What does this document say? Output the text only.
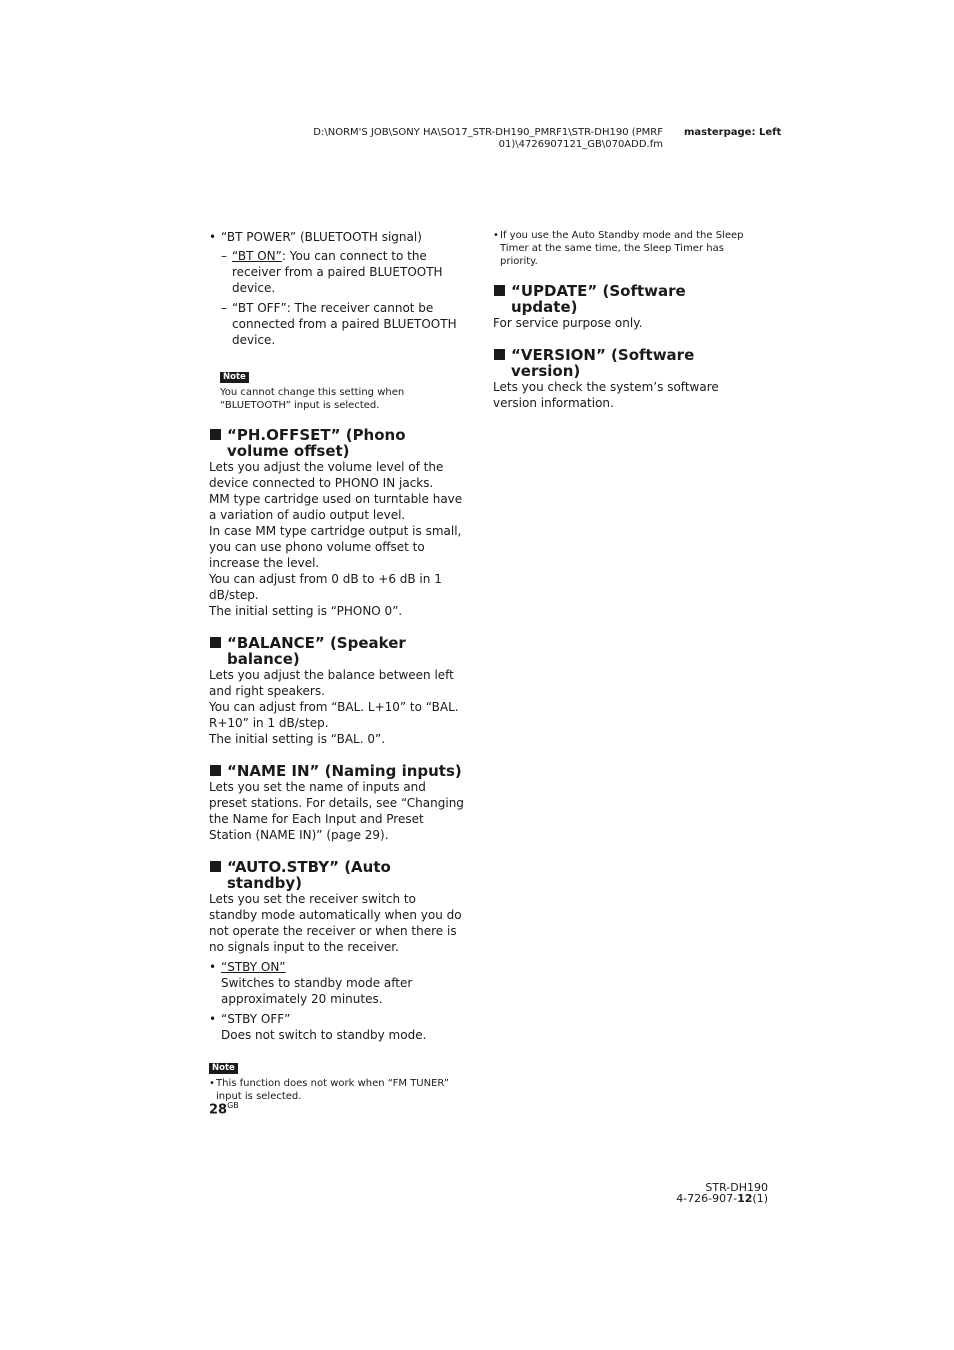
D:\NORM'S JOB\SONY HA\SO17_STR-DH190_PMRF1\STR-DH190 (PMRF
01)\4726907121_GB\070ADD.fm
masterpage: Left

• “BT POWER” (BLUETOOTH signal)

– “BT ON”: You can connect to the receiver from a paired BLUETOOTH device.

– “BT OFF”: The receiver cannot be connected from a paired BLUETOOTH device.

Note

You cannot change this setting when “BLUETOOTH” input is selected.

“PH.OFFSET” (Phono volume offset)

Lets you adjust the volume level of the device connected to PHONO IN jacks.

MM type cartridge used on turntable have a variation of audio output level.

In case MM type cartridge output is small, you can use phono volume offset to increase the level.

You can adjust from 0 dB to +6 dB in 1 dB/step.

The initial setting is “PHONO 0”.

“BALANCE” (Speaker balance)

Lets you adjust the balance between left and right speakers.

You can adjust from “BAL. L+10” to “BAL. R+10” in 1 dB/step.

The initial setting is “BAL. 0”.

“NAME IN” (Naming inputs)

Lets you set the name of inputs and preset stations. For details, see “Changing the Name for Each Input and Preset Station (NAME IN)” (page 29).

“AUTO.STBY” (Auto standby)

Lets you set the receiver switch to standby mode automatically when you do not operate the receiver or when there is no signals input to the receiver.

• “STBY ON”
Switches to standby mode after approximately 20 minutes.
• “STBY OFF”
Does not switch to standby mode.
Note

• This function does not work when “FM TUNER” input is selected.

• If you use the Auto Standby mode and the Sleep Timer at the same time, the Sleep Timer has priority.

“UPDATE” (Software update)

For service purpose only.

“VERSION” (Software version)

Lets you check the system’s software version information.

$28^{GB}$
STR-DH190
4-726-907-12(1)
